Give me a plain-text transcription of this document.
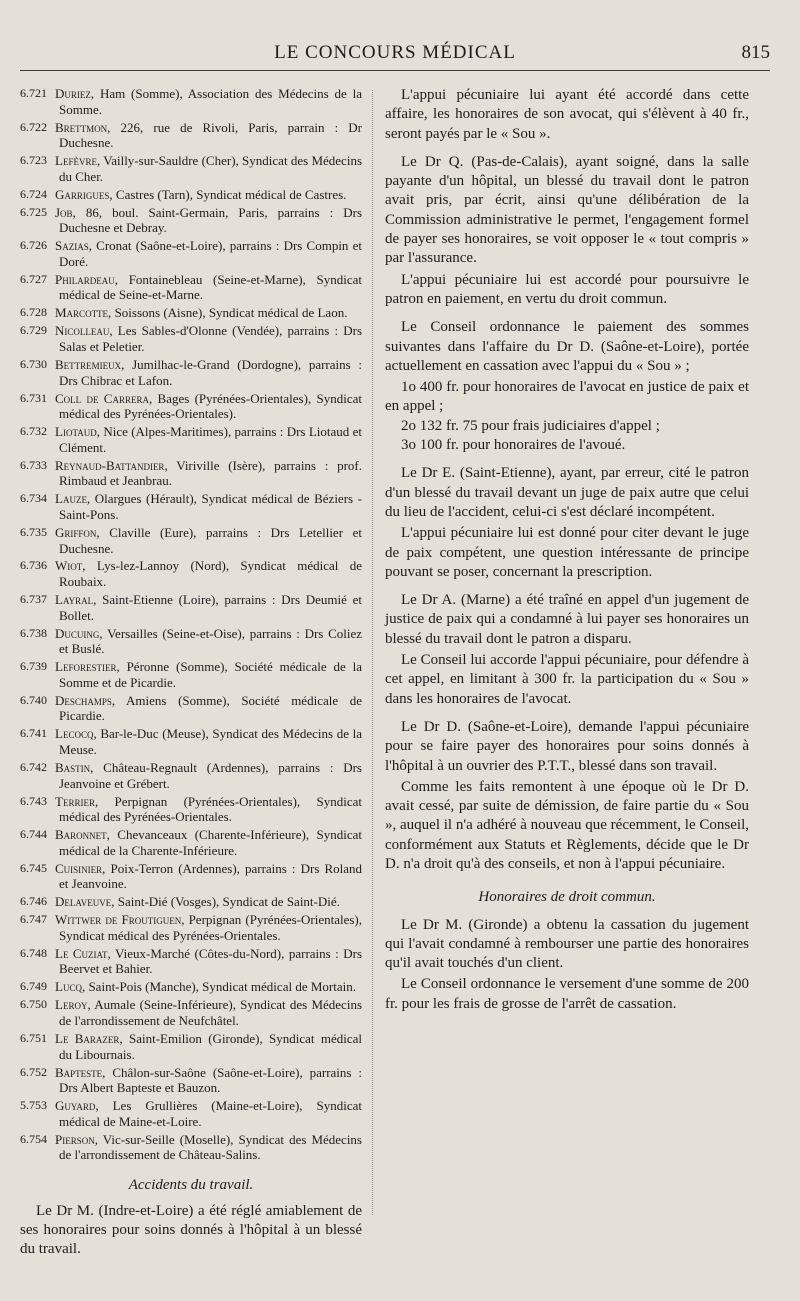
LE CONCOURS MÉDICAL	815
6.721 Duriez, Ham (Somme), Association des Médecins de la Somme.
6.722 Brettmon, 226, rue de Rivoli, Paris, parrain : Dr Duchesne.
6.723 Lefèvre, Vailly-sur-Sauldre (Cher), Syndicat des Médecins du Cher.
6.724 Garrigues, Castres (Tarn), Syndicat médical de Castres.
6.725 Job, 86, boul. Saint-Germain, Paris, parrains : Drs Duchesne et Debray.
6.726 Sazias, Cronat (Saône-et-Loire), parrains : Drs Compin et Doré.
6.727 Philardeau, Fontainebleau (Seine-et-Marne), Syndicat médical de Seine-et-Marne.
6.728 Marcotte, Soissons (Aisne), Syndicat médical de Laon.
6.729 Nicolleau, Les Sables-d'Olonne (Vendée), parrains : Drs Salas et Peletier.
6.730 Bettremieux, Jumilhac-le-Grand (Dordogne), parrains : Drs Chibrac et Lafon.
6.731 Coll de Carrera, Bages (Pyrénées-Orientales), Syndicat médical des Pyrénées-Orientales).
6.732 Liotaud, Nice (Alpes-Maritimes), parrains : Drs Liotaud et Clément.
6.733 Reynaud-Battandier, Viriville (Isère), parrains : prof. Rimbaud et Jeanbrau.
6.734 Lauze, Olargues (Hérault), Syndicat médical de Béziers -Saint-Pons.
6.735 Griffon, Claville (Eure), parrains : Drs Letellier et Duchesne.
6.736 Wiot, Lys-lez-Lannoy (Nord), Syndicat médical de Roubaix.
6.737 Layral, Saint-Etienne (Loire), parrains : Drs Deumié et Bollet.
6.738 Ducuing, Versailles (Seine-et-Oise), parrains : Drs Coliez et Buslé.
6.739 Leforestier, Péronne (Somme), Société médicale de la Somme et de Picardie.
6.740 Deschamps, Amiens (Somme), Société médicale de Picardie.
6.741 Lecocq, Bar-le-Duc (Meuse), Syndicat des Médecins de la Meuse.
6.742 Bastin, Château-Regnault (Ardennes), parrains : Drs Jeanvoine et Grébert.
6.743 Terrier, Perpignan (Pyrénées-Orientales), Syndicat médical des Pyrénées-Orientales.
6.744 Baronnet, Chevanceaux (Charente-Inférieure), Syndicat médical de la Charente-Inférieure.
6.745 Cuisinier, Poix-Terron (Ardennes), parrains : Drs Roland et Jeanvoine.
6.746 Delaveuve, Saint-Dié (Vosges), Syndicat de Saint-Dié.
6.747 Wittwer de Froutiguen, Perpignan (Pyrénées-Orientales), Syndicat médical des Pyrénées-Orientales.
6.748 Le Cuziat, Vieux-Marché (Côtes-du-Nord), parrains : Drs Beervet et Bahier.
6.749 Lucq, Saint-Pois (Manche), Syndicat médical de Mortain.
6.750 Leroy, Aumale (Seine-Inférieure), Syndicat des Médecins de l'arrondissement de Neufchâtel.
6.751 Le Barazer, Saint-Emilion (Gironde), Syndicat médical du Libournais.
6.752 Bapteste, Châlon-sur-Saône (Saône-et-Loire), parrains : Drs Albert Bapteste et Bauzon.
5.753 Guyard, Les Grullières (Maine-et-Loire), Syndicat médical de Maine-et-Loire.
6.754 Pierson, Vic-sur-Seille (Moselle), Syndicat des Médecins de l'arrondissement de Château-Salins.
Accidents du travail.

Le Dr M. (Indre-et-Loire) a été réglé amiablement de ses honoraires pour soins donnés à l'hôpital à un blessé du travail.

L'appui pécuniaire lui ayant été accordé dans cette affaire, les honoraires de son avocat, qui s'élèvent à 40 fr., seront payés par le « Sou ».

Le Dr Q. (Pas-de-Calais), ayant soigné, dans la salle payante d'un hôpital, un blessé du travail dont le patron avait pris, par écrit, ainsi qu'une délibération de la Commission administrative le permet, l'engagement formel de payer ses honoraires, se voit opposer le « tout compris » par l'assurance.

L'appui pécuniaire lui est accordé pour poursuivre le patron en paiement, en vertu du droit commun.

Le Conseil ordonnance le paiement des sommes suivantes dans l'affaire du Dr D. (Saône-et-Loire), portée actuellement en cassation avec l'appui du « Sou » ;

1o 400 fr. pour honoraires de l'avocat en justice de paix et en appel ;

2o 132 fr. 75 pour frais judiciaires d'appel ;

3o 100 fr. pour honoraires de l'avoué.

Le Dr E. (Saint-Etienne), ayant, par erreur, cité le patron d'un blessé du travail devant un juge de paix autre que celui du lieu de l'accident, celui-ci s'est déclaré incompétent.

L'appui pécuniaire lui est donné pour citer devant le juge de paix compétent, une question intéressante de principe pouvant se poser, concernant la prescription.

Le Dr A. (Marne) a été traîné en appel d'un jugement de justice de paix qui a condamné à lui payer ses honoraires un blessé du travail dont le patron a disparu.

Le Conseil lui accorde l'appui pécuniaire, pour défendre à cet appel, en limitant à 300 fr. la participation du « Sou » dans les honoraires de l'avocat.

Le Dr D. (Saône-et-Loire), demande l'appui pécuniaire pour se faire payer des honoraires pour soins donnés à l'hôpital à un ouvrier des P.T.T., blessé dans son travail.

Comme les faits remontent à une époque où le Dr D. avait cessé, par suite de démission, de faire partie du « Sou », auquel il n'a adhéré à nouveau que récemment, le Conseil, conformément aux Statuts et Règlements, décide que le Dr D. n'a droit qu'à des conseils, et non à l'appui pécuniaire.

Honoraires de droit commun.

Le Dr M. (Gironde) a obtenu la cassation du jugement qui l'avait condamné à rembourser une partie des honoraires qu'il avait touchés d'un client.

Le Conseil ordonnance le versement d'une somme de 200 fr. pour les frais de grosse de l'arrêt de cassation.
